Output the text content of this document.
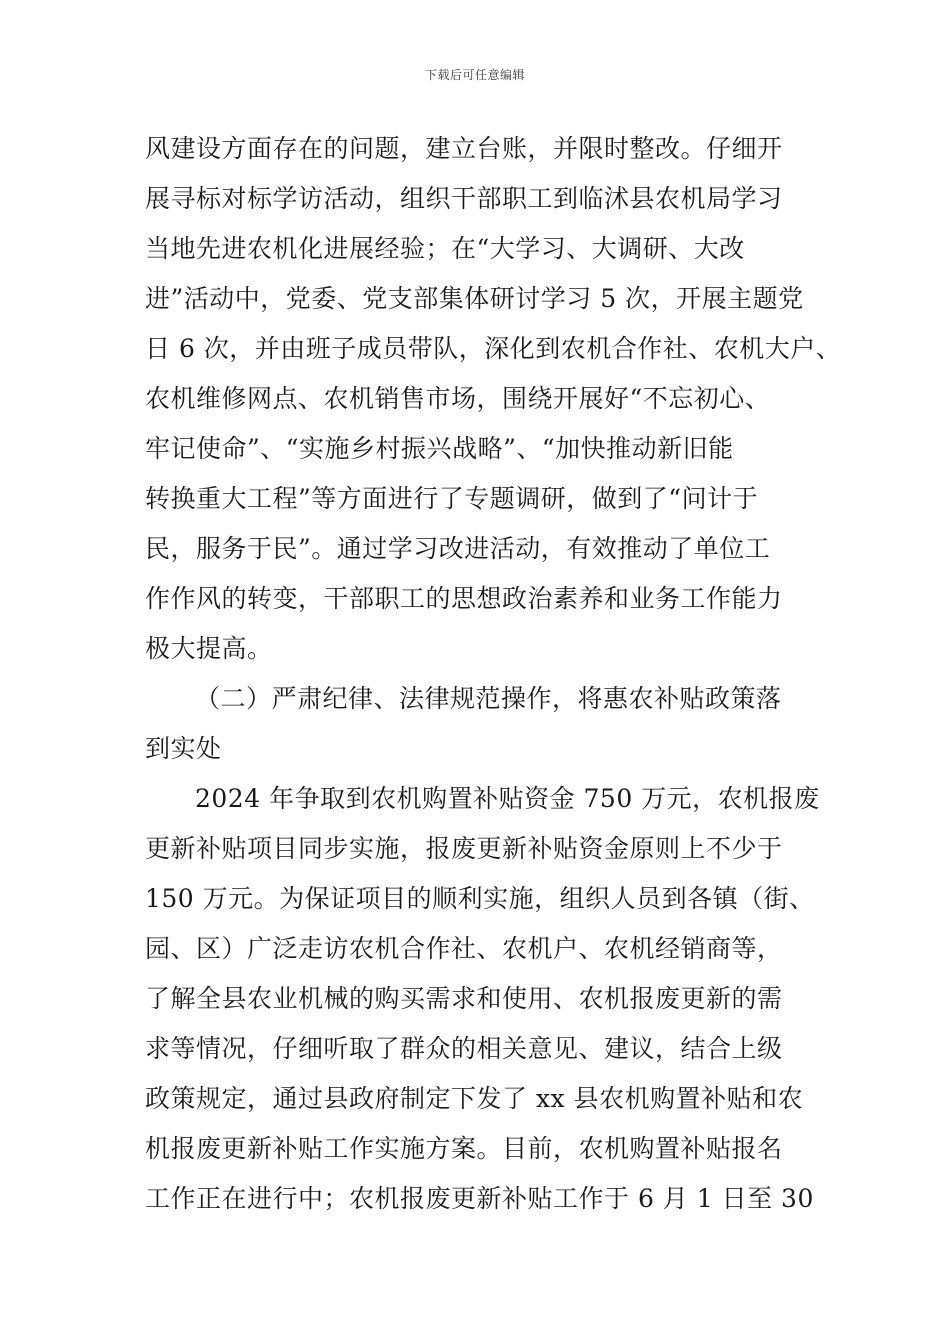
下载后可任意编辑
风建设方面存在的问题，建立台账，并限时整改。仔细开
展寻标对标学访活动，组织干部职工到临沭县农机局学习
当地先进农机化进展经验；在“大学习、大调研、大改
进”活动中，党委、党支部集体研讨学习 5 次，开展主题党
日 6 次，并由班子成员带队，深化到农机合作社、农机大户、
农机维修网点、农机销售市场，围绕开展好“不忘初心、
牢记使命”、“实施乡村振兴战略”、“加快推动新旧能
转换重大工程”等方面进行了专题调研，做到了“问计于
民，服务于民”。通过学习改进活动，有效推动了单位工
作作风的转变，干部职工的思想政治素养和业务工作能力
极大提高。
（二）严肃纪律、法律规范操作，将惠农补贴政策落
到实处
2024 年争取到农机购置补贴资金 750 万元，农机报废
更新补贴项目同步实施，报废更新补贴资金原则上不少于
150 万元。为保证项目的顺利实施，组织人员到各镇（街、
园、区）广泛走访农机合作社、农机户、农机经销商等，
了解全县农业机械的购买需求和使用、农机报废更新的需
求等情况，仔细听取了群众的相关意见、建议，结合上级
政策规定，通过县政府制定下发了 xx 县农机购置补贴和农
机报废更新补贴工作实施方案。目前，农机购置补贴报名
工作正在进行中；农机报废更新补贴工作于 6 月 1 日至 30
